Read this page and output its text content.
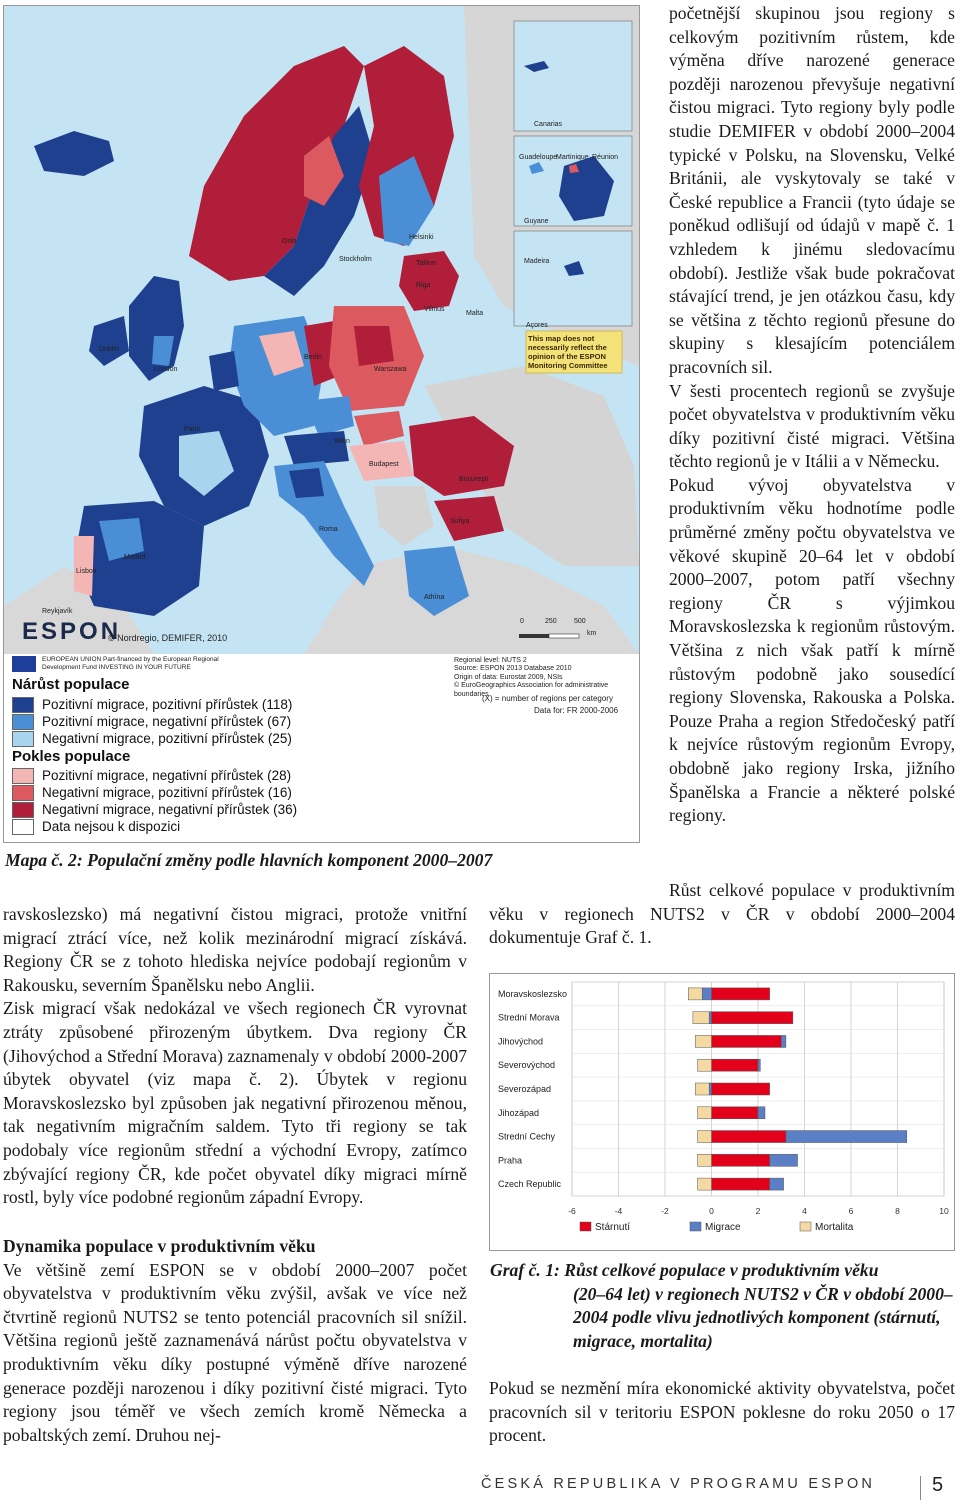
This map does not necessarily reflect the opinion of the ESPON Monitoring Committee
0	250 500
km
ESPON
© Nordregio, DEMIFER, 2010
Canarias
Guadeloupe
Martinique Réunion
Guyane
Madeira
Açores
Malta
Reykjavík
Dublin
London
Paris
Madrid
Lisboa
Roma
Berlin
Warszawa
Wien
Budapest
Bucureşti
Athína
Helsinki
Stockholm
Oslo
Riga
Vilnius
Tallinn
Sofiya
EUROPEAN UNION Part-financed by the European Regional Development Fund INVESTING IN YOUR FUTURE
Nárůst populace
Pozitivní migrace, pozitivní přírůstek (118)
Pozitivní migrace, negativní přírůstek (67)
Negativní migrace, pozitivní přírůstek (25)
Pokles populace
Pozitivní migrace, negativní přírůstek (28)
Negativní migrace, pozitivní přírůstek (16)
Negativní migrace, negativní přírůstek (36)
Data nejsou k dispozici
Regional level: NUTS 2
Source: ESPON 2013 Database 2010
Origin of data: Eurostat 2009, NSIs
© EuroGeographics Association for administrative boundaries
(X) = number of regions per category
Data for: FR 2000-2006
Mapa č. 2: Populační změny podle hlavních komponent 2000–2007

početnější skupinou jsou regiony s celkovým pozitivním růstem, kde výměna dříve narozené generace později narozenou převyšuje negativní čistou migraci. Tyto regiony byly podle studie DEMIFER v období 2000–2004 typické v Polsku, na Slovensku, Velké Británii, ale vyskytovaly se také v České republice a Francii (tyto údaje se poněkud odlišují od údajů v mapě č. 1 vzhledem k jinému sledovacímu období). Jestliže však bude pokračovat stávající trend, je jen otázkou času, kdy se většina z těchto regionů přesune do skupiny s klesajícím potenciálem pracovních sil.

V šesti procentech regionů se zvyšuje počet obyvatelstva v produktivním věku díky pozitivní čisté migraci. Většina těchto regionů je v Itálii a v Německu.

Pokud vývoj obyvatelstva v produktivním věku hodnotíme podle průměrné změny počtu obyvatelstva ve věkové skupině 20–64 let v období 2000–2007, potom patří všechny regiony ČR s výjimkou Moravskoslezska k regionům růstovým. Většina z nich však patří k mírně růstovým podobně jako sousedící regiony Slovenska, Rakouska a Polska. Pouze Praha a region Středočeský patří k nejvíce růstovým regionům Evropy, obdobně jako regiony Irska, jižního Španělska a Francie a některé polské regiony.

Růst celkové populace v produktivním věku v regionech NUTS2 v ČR v období 2000–2004 dokumentuje Graf č. 1.

ravskoslezsko) má negativní čistou migraci, protože vnitřní migrací ztrácí více, než kolik mezinárodní migrací získává. Regiony ČR se z tohoto hlediska nejvíce podobají regionům v Rakousku, severním Španělsku nebo Anglii.

Zisk migrací však nedokázal ve všech regionech ČR vyrovnat ztráty způsobené přirozeným úbytkem. Dva regiony ČR (Jihovýchod a Střední Morava) zaznamenaly v období 2000-2007 úbytek obyvatel (viz mapa č. 2). Úbytek v regionu Moravskoslezsko byl způsoben jak negativní přirozenou měnou, tak negativním migračním saldem. Tyto tři regiony se tak podobaly více regionům střední a východní Evropy, zatímco zbývající regiony ČR, kde počet obyvatel díky migraci mírně rostl, byly více podobné regionům západní Evropy.

Dynamika populace v produktivním věku

Ve většině zemí ESPON se v období 2000–2007 počet obyvatelstva v produktivním věku zvýšil, avšak ve více než čtvrtině regionů NUTS2 se tento potenciál pracovních sil snížil. Většina regionů ještě zaznamenává nárůst počtu obyvatelstva v produktivním věku díky postupné výměně dříve narozené generace později narozenou i díky pozitivní čisté migraci. Tyto regiony jsou téměř ve všech zemích kromě Německa a pobaltských zemí. Druhou nej-

-6	-4	-2	0	2	4	6	8	10
Moravskoslezsko
Strední Morava
Jihovýchod
Severovýchod
Severozápad
Jihozápad
Strední Cechy
Praha
Czech Republic
Stárnutí	Migrace	Mortalita
Graf č. 1: Růst celkové populace v produktivním věku
(20–64 let) v regionech NUTS2 v ČR v období 2000–2004 podle vlivu jednotlivých komponent (stárnutí, migrace, mortalita)

Pokud se nezmění míra ekonomické aktivity obyvatelstva, počet pracovních sil v teritoriu ESPON poklesne do roku 2050 o 17 procent.

ČESKÁ REPUBLIKA V PROGRAMU ESPON	5
